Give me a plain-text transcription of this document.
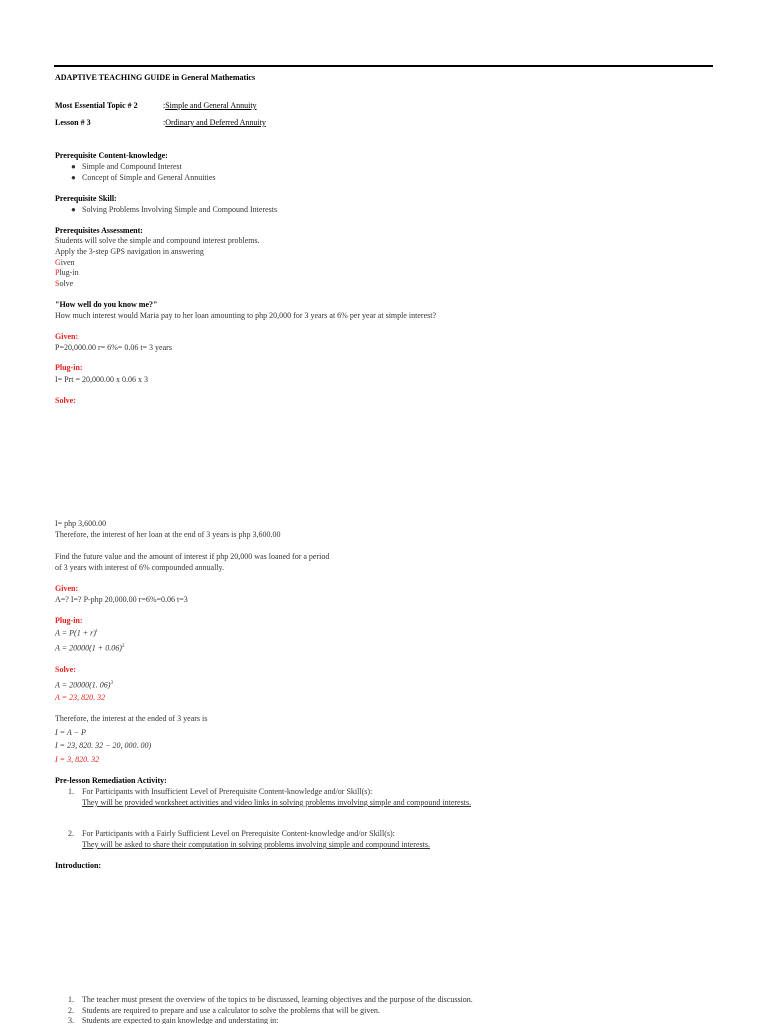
ADAPTIVE TEACHING GUIDE in General Mathematics
Most Essential Topic # 2	:Simple and General Annuity
Lesson # 3	:Ordinary and Deferred Annuity
Prerequisite Content-knowledge:
● Simple and Compound Interest
● Concept of Simple and General Annuities
Prerequisite Skill:
● Solving Problems Involving Simple and Compound Interests
Prerequisites Assessment:
Students will solve the simple and compound interest problems.
Apply the 3-step GPS navigation in answering
Given
Plug-in
Solve
"How well do you know me?"
How much interest would Maria pay to her loan amounting to php 20,000 for 3 years at 6% per year at simple interest?
Given:
P=20,000.00 r= 6%= 0.06 t= 3 years
Plug-in:
I= Prt = 20,000.00 x 0.06 x 3
Solve:
I= php 3,600.00
Therefore, the interest of her loan at the end of 3 years is php 3,600.00
Find the future value and the amount of interest if php 20,000 was loaned for a period
of 3 years with interest of 6% compounded annually.
Given:
A=? I=? P-php 20,000.00 r=6%=0.06 t=3
Plug-in:
$A = P(1 + r)^t$
$A = 20000(1 + 0.06)^3$
Solve:
A = 20000(1. 06)$^3$
A = 23, 820. 32
Therefore, the interest at the ended of 3 years is
I = A − P
I = 23, 820. 32 − 20, 000. 00)
I = 3, 820. 32
Pre-lesson Remediation Activity:
1. For Participants with Insufficient Level of Prerequisite Content-knowledge and/or Skill(s):
They will be provided worksheet activities and video links in solving problems involving simple and compound interests.
2. For Participants with a Fairly Sufficient Level on Prerequisite Content-knowledge and/or Skill(s):
They will be asked to share their computation in solving problems involving simple and compound interests.
Introduction:
1. The teacher must present the overview of the topics to be discussed, learning objectives and the purpose of the discussion.
2. Students are required to prepare and use a calculator to solve the problems that will be given.
3. Students are expected to gain knowledge and understating in:
